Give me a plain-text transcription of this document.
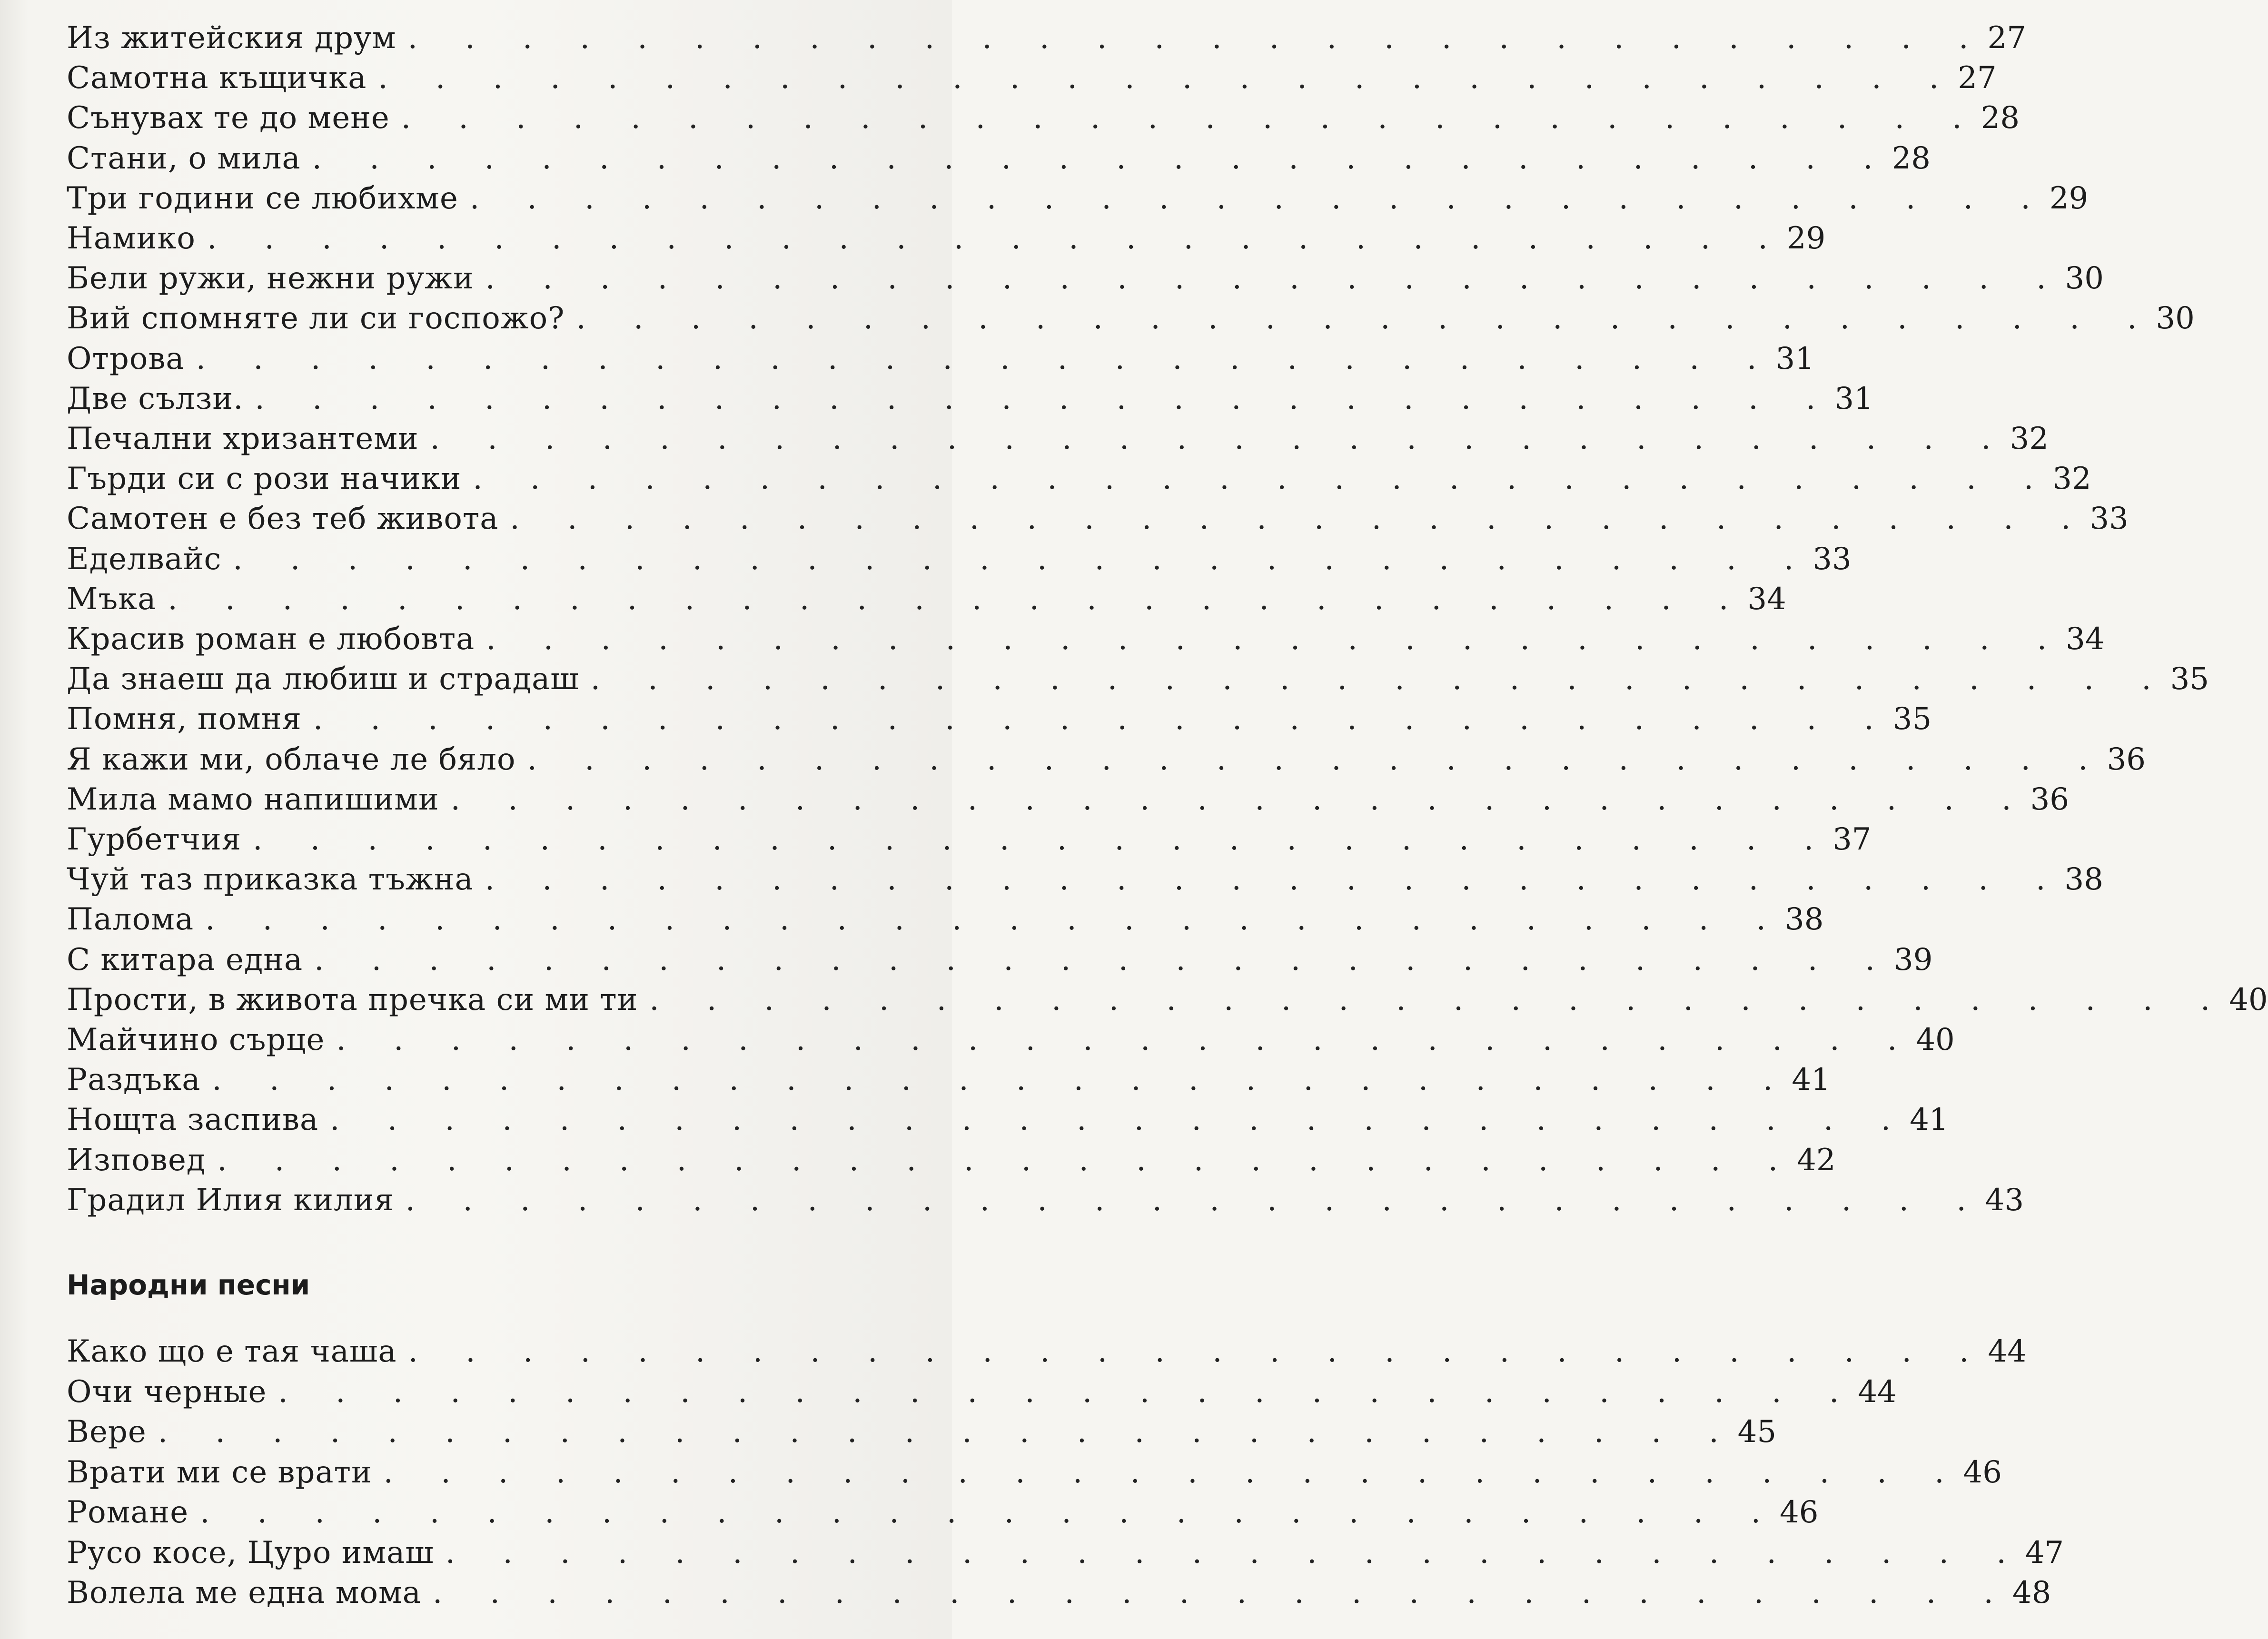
Из житейския друм . . . . . . . . . . . . . . . . . . . . . . . . . . . . 27
Самотна къщичка . . . . . . . . . . . . . . . . . . . . . . . . . . . . 27
Сънувах те до мене . . . . . . . . . . . . . . . . . . . . . . . . . . . . 28
Стани, о мила . . . . . . . . . . . . . . . . . . . . . . . . . . . . 28
Три години се любихме . . . . . . . . . . . . . . . . . . . . . . . . . . . . 29
Намико . . . . . . . . . . . . . . . . . . . . . . . . . . . . 29
Бели ружи, нежни ружи . . . . . . . . . . . . . . . . . . . . . . . . . . . . 30
Вий спомняте ли си госпожо? . . . . . . . . . . . . . . . . . . . . . . . . . . . . 30
Отрова . . . . . . . . . . . . . . . . . . . . . . . . . . . . 31
Две сълзи. . . . . . . . . . . . . . . . . . . . . . . . . . . . . 31
Печални хризантеми . . . . . . . . . . . . . . . . . . . . . . . . . . . . 32
Гърди си с рози начики . . . . . . . . . . . . . . . . . . . . . . . . . . . . 32
Самотен е без теб живота . . . . . . . . . . . . . . . . . . . . . . . . . . . . 33
Еделвайс . . . . . . . . . . . . . . . . . . . . . . . . . . . . 33
Мъка . . . . . . . . . . . . . . . . . . . . . . . . . . . . 34
Красив роман е любовта . . . . . . . . . . . . . . . . . . . . . . . . . . . . 34
Да знаеш да любиш и страдаш . . . . . . . . . . . . . . . . . . . . . . . . . . . . 35
Помня, помня . . . . . . . . . . . . . . . . . . . . . . . . . . . . 35
Я кажи ми, облаче ле бяло . . . . . . . . . . . . . . . . . . . . . . . . . . . . 36
Мила мамо напишими . . . . . . . . . . . . . . . . . . . . . . . . . . . . 36
Гурбетчия . . . . . . . . . . . . . . . . . . . . . . . . . . . . 37
Чуй таз приказка тъжна . . . . . . . . . . . . . . . . . . . . . . . . . . . . 38
Палома . . . . . . . . . . . . . . . . . . . . . . . . . . . . 38
С китара една . . . . . . . . . . . . . . . . . . . . . . . . . . . . 39
Прости, в живота пречка си ми ти . . . . . . . . . . . . . . . . . . . . . . . . . . . . 40
Майчино сърце . . . . . . . . . . . . . . . . . . . . . . . . . . . . 40
Раздъка . . . . . . . . . . . . . . . . . . . . . . . . . . . . 41
Нощта заспива . . . . . . . . . . . . . . . . . . . . . . . . . . . . 41
Изповед . . . . . . . . . . . . . . . . . . . . . . . . . . . . 42
Градил Илия килия . . . . . . . . . . . . . . . . . . . . . . . . . . . . 43
Народни песни
Како що е тая чаша . . . . . . . . . . . . . . . . . . . . . . . . . . . . 44
Очи черные . . . . . . . . . . . . . . . . . . . . . . . . . . . . 44
Вере . . . . . . . . . . . . . . . . . . . . . . . . . . . . 45
Врати ми се врати . . . . . . . . . . . . . . . . . . . . . . . . . . . . 46
Романе . . . . . . . . . . . . . . . . . . . . . . . . . . . . 46
Русо косе, Цуро имаш . . . . . . . . . . . . . . . . . . . . . . . . . . . . 47
Волела ме една мома . . . . . . . . . . . . . . . . . . . . . . . . . . . . 48
